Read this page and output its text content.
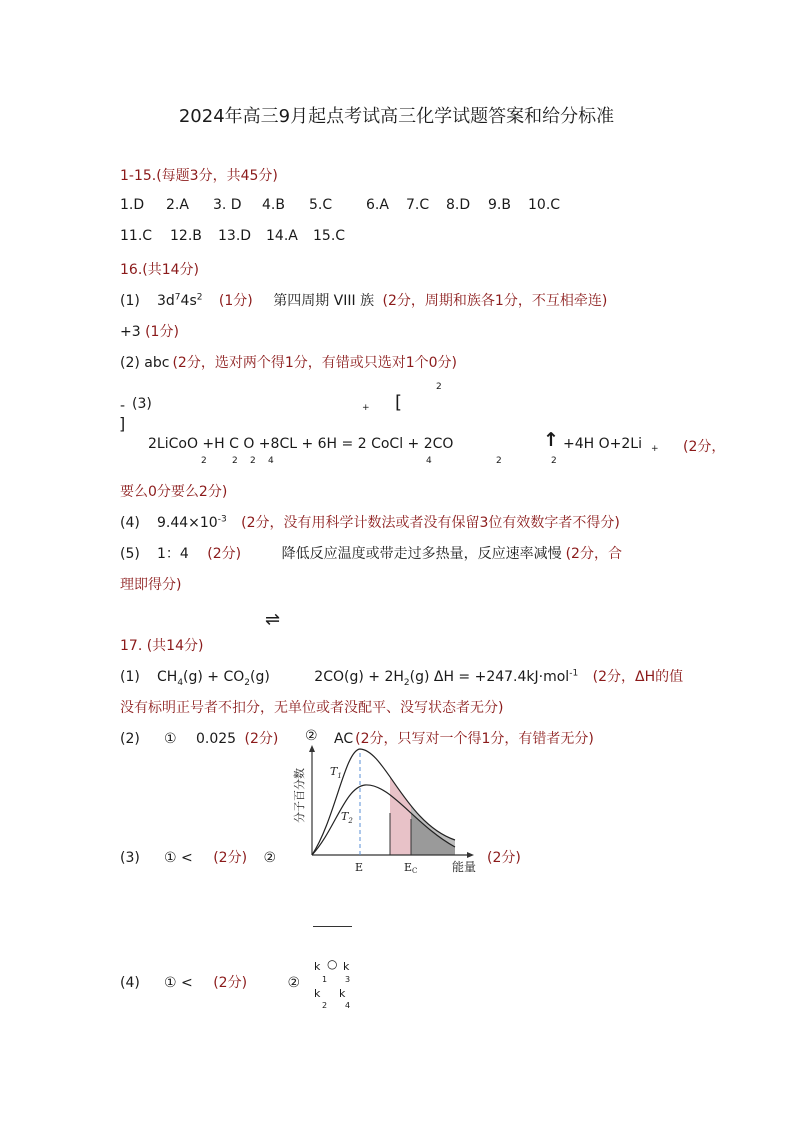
2024年高三9月起点考试高三化学试题答案和给分标准
1-15.(每题3分，共45分)
1.D 2.A 3. D 4.B 5.C 6.A 7.C 8.D 9.B 10.C
11.C 12.B 13.D 14.A 15.C
16.(共14分)
(1) $3d^74s^2$ (1分) 第四周期 VIII 族 (2分，周期和族各1分，不互相牵连)
+3 (1分)
(2) abc (2分，选对两个得1分，有错或只选对1个0分)
- (3)	+ [
2
]
2LiCoO +H C O +8CL + 6H = 2 CoCl + 2CO	↑ +4H O+2Li +
2	2 2 4	4	2	2
(2分，
要么0分要么2分)
(4) $9.44\times 10^{-3}$ (2分，没有用科学计数法或者没有保留3位有效数字者不得分)
(5) 1：4 (2分)	降低反应温度或带走过多热量，反应速率减慢 (2分，合
理即得分)
⇌
17. (共14分)
(1) $CH_4(g) + CO_2(g)$	$2CO(g) + 2H_2(g) \Delta H = +247.4kJ\cdot mol^{-1}$ (2分，ΔH的值
没有标明正号者不扣分，无单位或者没配平、没写状态者无分)
(2) ① 0.025 (2分) ② AC (2分，只写对一个得1分，有错者无分)
$T_1$
$T_2$
E	EC	能量
分子百分数
(3) ① < (2分) ②	(2分)
(4) ① < (2分)	②
k ○ k
1 3
k k
2 4
